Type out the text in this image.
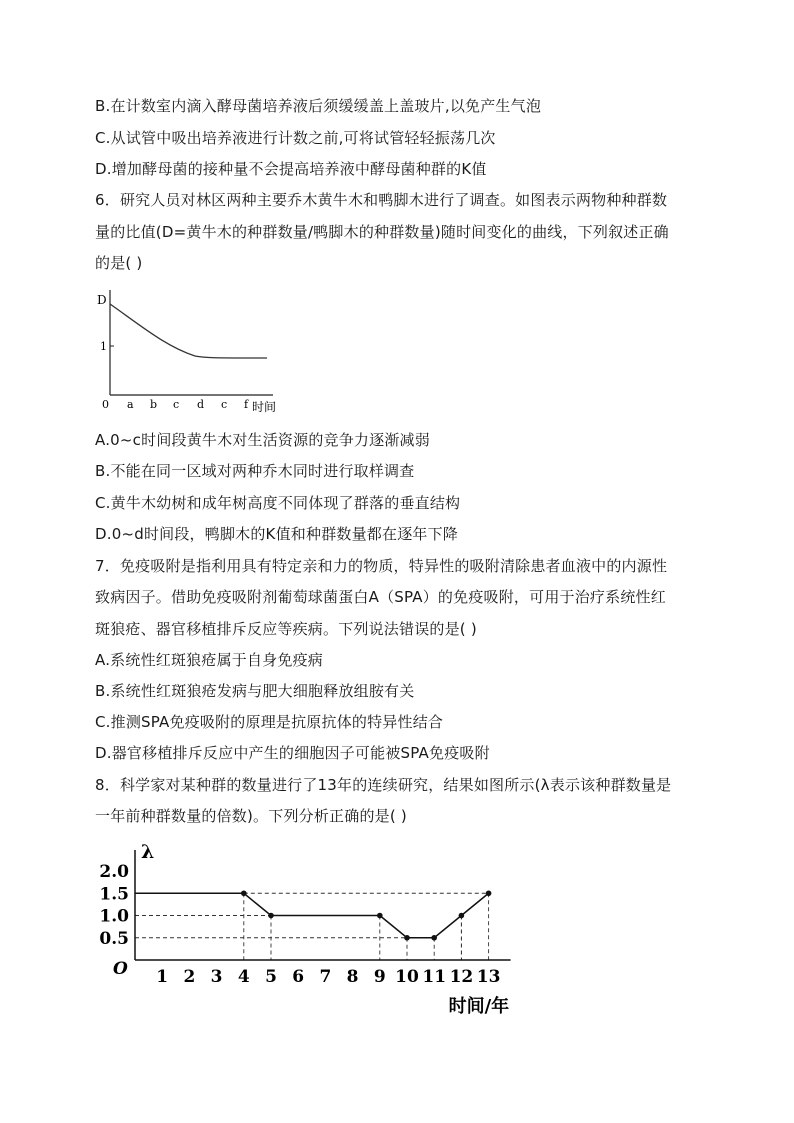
B.在计数室内滴入酵母菌培养液后须缓缓盖上盖玻片,以免产生气泡
C.从试管中吸出培养液进行计数之前,可将试管轻轻振荡几次
D.增加酵母菌的接种量不会提高培养液中酵母菌种群的K值
6．研究人员对林区两种主要乔木黄牛木和鸭脚木进行了调查。如图表示两物种种群数
量的比值(D=黄牛木的种群数量/鸭脚木的种群数量)随时间变化的曲线，下列叙述正确
的是( )
D
1
0 a b c d c f 时间
A.0~c时间段黄牛木对生活资源的竞争力逐渐减弱
B.不能在同一区域对两种乔木同时进行取样调查
C.黄牛木幼树和成年树高度不同体现了群落的垂直结构
D.0~d时间段，鸭脚木的K值和种群数量都在逐年下降
7．免疫吸附是指利用具有特定亲和力的物质，特异性的吸附清除患者血液中的内源性
致病因子。借助免疫吸附剂葡萄球菌蛋白A（SPA）的免疫吸附，可用于治疗系统性红
斑狼疮、器官移植排斥反应等疾病。下列说法错误的是( )
A.系统性红斑狼疮属于自身免疫病
B.系统性红斑狼疮发病与肥大细胞释放组胺有关
C.推测SPA免疫吸附的原理是抗原抗体的特异性结合
D.器官移植排斥反应中产生的细胞因子可能被SPA免疫吸附
8．科学家对某种群的数量进行了13年的连续研究，结果如图所示(λ表示该种群数量是
一年前种群数量的倍数)。下列分析正确的是( )
0.5
1.0
1.5
2.0
1 2 3 4 5 6 7 8 9 10 11 12 13
O
λ
时间/年
